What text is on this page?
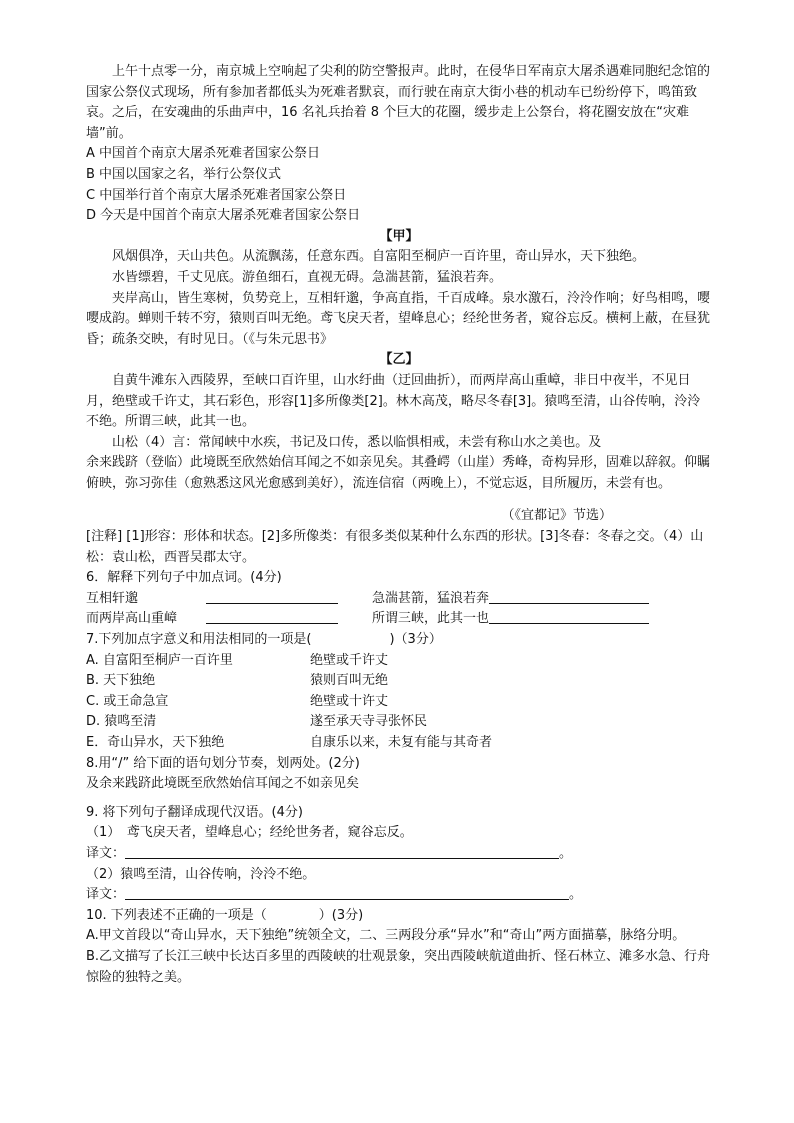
上午十点零一分，南京城上空响起了尖利的防空警报声。此时，在侵华日军南京大屠杀遇难同胞纪念馆的国家公祭仪式现场，所有参加者都低头为死难者默哀，而行驶在南京大街小巷的机动车已纷纷停下，鸣笛致哀。之后，在安魂曲的乐曲声中，16 名礼兵抬着 8 个巨大的花圈，缓步走上公祭台，将花圈安放在“灾难墙”前。

A 中国首个南京大屠杀死难者国家公祭日

B 中国以国家之名，举行公祭仪式

C 中国举行首个南京大屠杀死难者国家公祭日

D 今天是中国首个南京大屠杀死难者国家公祭日

【甲】

风烟俱净，天山共色。从流飘荡，任意东西。自富阳至桐庐一百许里，奇山异水，天下独绝。

水皆缥碧，千丈见底。游鱼细石，直视无碍。急湍甚箭，猛浪若奔。

夹岸高山，皆生寒树，负势竞上，互相轩邈，争高直指，千百成峰。泉水激石，泠泠作响；好鸟相鸣，嘤嘤成韵。蝉则千转不穷，猿则百叫无绝。鸢飞戾天者，望峰息心；经纶世务者，窥谷忘反。横柯上蔽，在昼犹昏；疏条交映，有时见日。（《与朱元思书》

【乙】

自黄牛滩东入西陵界，至峡口百许里，山水纡曲（迂回曲折），而两岸高山重嶂，非日中夜半，不见日月，绝壁或千许丈，其石彩色，形容[1]多所像类[2]。林木高茂，略尽冬春[3]。猿鸣至清，山谷传响，泠泠不绝。所谓三峡，此其一也。

山松（4）言：常闻峡中水疾，书记及口传，悉以临惧相戒，未尝有称山水之美也。及

余来践跻（登临）此境既至欣然始信耳闻之不如亲见矣。其叠崿（山崖）秀峰，奇构异形，固难以辞叙。仰瞩俯映，弥习弥佳（愈熟悉这风光愈感到美好），流连信宿（两晚上），不觉忘返，目所履历，未尝有也。

（《宜都记》节选）

[注释] [1]形容：形体和状态。[2]多所像类：有很多类似某种什么东西的形状。[3]冬春：冬春之交。（4）山松：袁山松，西晋吴郡太守。

6．解释下列句子中加点词。(4分)

互相轩邈	急湍甚箭，猛浪若奔
而两岸高山重嶂	所谓三峡，此其一也

7.下列加点字意义和用法相同的一项是(　　　　　　)（3分）

A. 自富阳至桐庐一百许里	绝壁或千许丈
B. 天下独绝	猿则百叫无绝
C. 或王命急宣	绝壁或十许丈
D. 猿鸣至清	遂至承天寺寻张怀民
E．奇山异水，天下独绝	自康乐以来，未复有能与其奇者

8.用“/” 给下面的语句划分节奏，划两处。(2分)

及余来践跻此境既至欣然始信耳闻之不如亲见矣

9. 将下列句子翻译成现代汉语。(4分)

（1）　鸢飞戾天者，望峰息心；经纶世务者，窥谷忘反。

译文：	。

（2）猿鸣至清，山谷传响，泠泠不绝。

译文：	。

10. 下列表述不正确的一项是（　　　　）(3分)

A.甲文首段以“奇山异水，天下独绝”统领全文，二、三两段分承“异水”和“奇山”两方面描摹，脉络分明。

B.乙文描写了长江三峡中长达百多里的西陵峡的壮观景象，突出西陵峡航道曲折、怪石林立、滩多水急、行舟惊险的独特之美。
